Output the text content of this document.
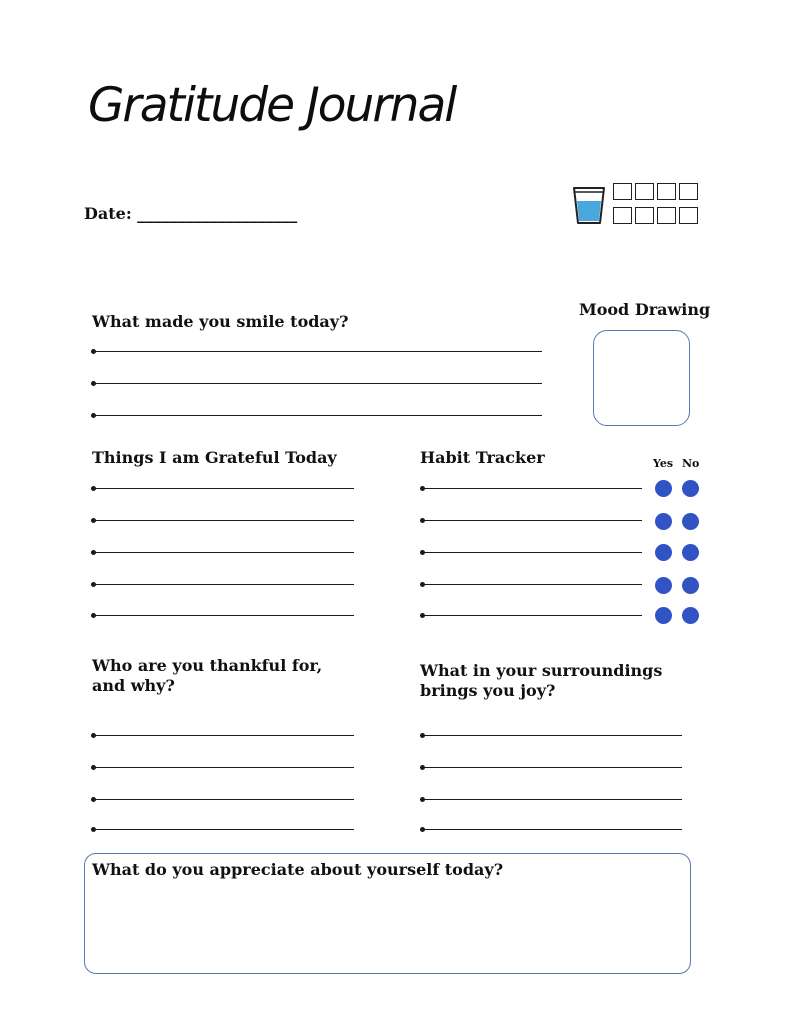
Gratitude Journal
Date: ____________________
What made you smile today?
Mood Drawing
Things I am Grateful Today	Habit Tracker	Yes No
Who are you thankful for, and why?
What in your surroundings brings you joy?
What do you appreciate about yourself today?
